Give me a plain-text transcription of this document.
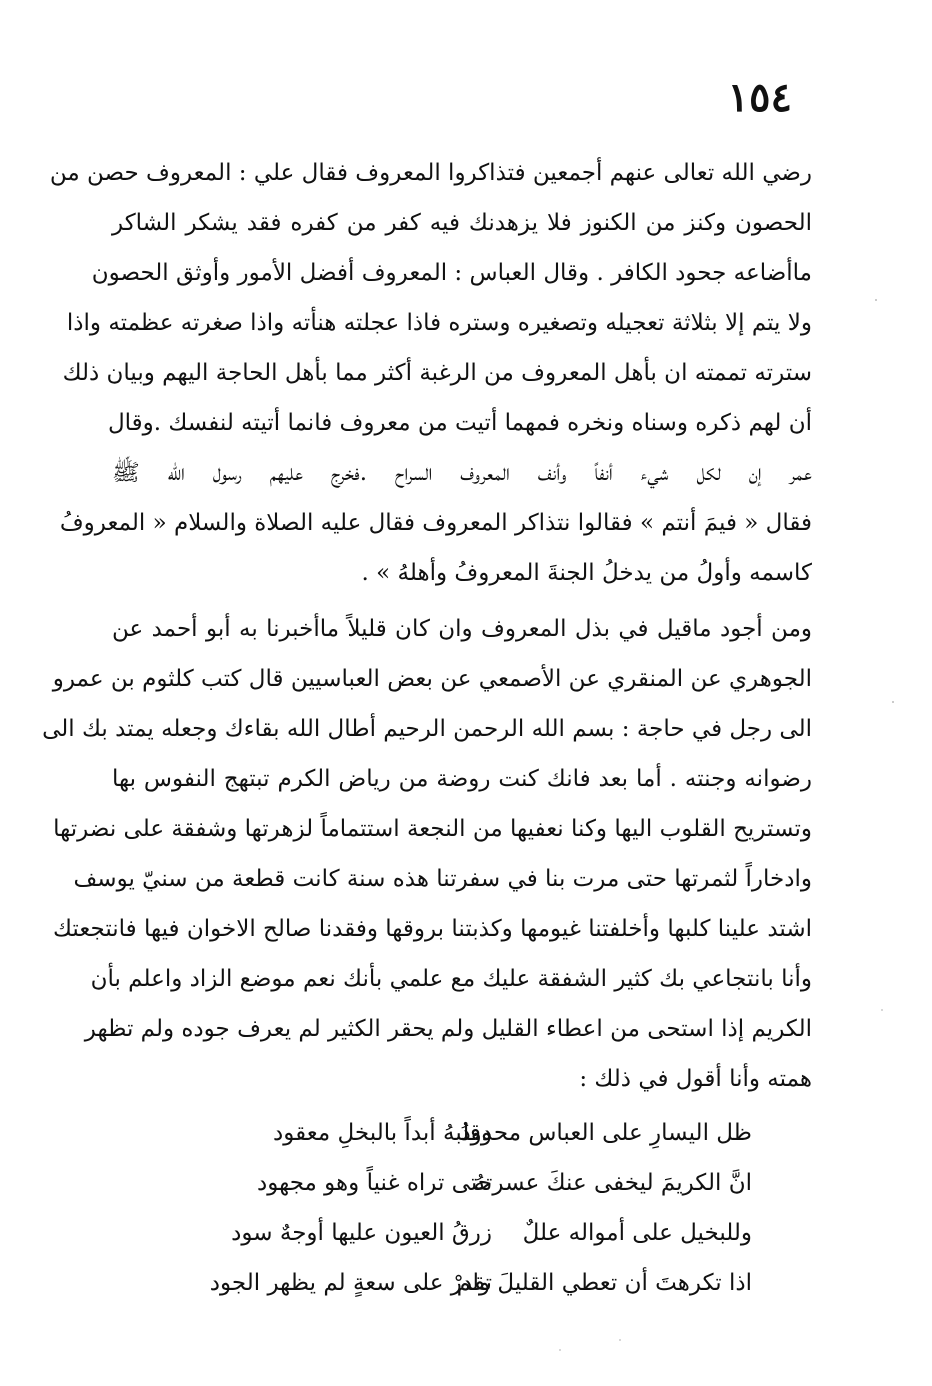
١٥٤
رضي الله تعالى عنهم أجمعين فتذاكروا المعروف فقال علي : المعروف حصن من
الحصون وكنز من الكنوز فلا يزهدنك فيه كفر من كفره فقد يشكر الشاكر
ماأضاعه جحود الكافر . وقال العباس : المعروف أفضل الأمور وأوثق الحصون
ولا يتم إلا بثلاثة تعجيله وتصغيره وستره فاذا عجلته هنأته واذا صغرته عظمته واذا
سترته تممته ان بأهل المعروف من الرغبة أكثر مما بأهل الحاجة اليهم وبيان ذلك
أن لهم ذكره وسناه ونخره فمهما أتيت من معروف فانما أتيته لنفسك .وقال
عمر إن لكل شيء أنفاً وأنف المعروف السراح .فخرج عليهم رسول الله ﷺ
فقال « فيمَ أنتم » فقالوا نتذاكر المعروف فقال عليه الصلاة والسلام « المعروفُ
كاسمه وأولُ من يدخلُ الجنةَ المعروفُ وأهلهُ » .
ومن أجود ماقيل في بذل المعروف وان كان قليلاً ماأخبرنا به أبو أحمد عن
الجوهري عن المنقري عن الأصمعي عن بعض العباسيين قال كتب كلثوم بن عمرو
الى رجل في حاجة : بسم الله الرحمن الرحيم أطال الله بقاءك وجعله يمتد بك الى
رضوانه وجنته . أما بعد فانك كنت روضة من رياض الكرم تبتهج النفوس بها
وتستريح القلوب اليها وكنا نعفيها من النجعة استتماماً لزهرتها وشفقة على نضرتها
وادخاراً لثمرتها حتى مرت بنا في سفرتنا هذه سنة كانت قطعة من سنيّ يوسف
اشتد علينا كلبها وأخلفتنا غيومها وكذبتنا بروقها وفقدنا صالح الاخوان فيها فانتجعتك
وأنا بانتجاعي بك كثير الشفقة عليك مع علمي بأنك نعم موضع الزاد واعلم بأن
الكريم إذا استحى من اعطاء القليل ولم يحقر الكثير لم يعرف جوده ولم تظهر
همته وأنا أقول في ذلك :
ظل اليسارِ على العباس محدودُ
وقلبهُ أبداً بالبخلِ معقود
انَّ الكريمَ ليخفى عنكَ عسرتهُ
حتى تراه غنياً وهو مجهود
وللبخيل على أمواله عللٌ
زرقُ العيون عليها أوجهٌ سود
اذا تكرهتَ أن تعطي القليلَ ولم
تقدرْ على سعةٍ لم يظهر الجود
